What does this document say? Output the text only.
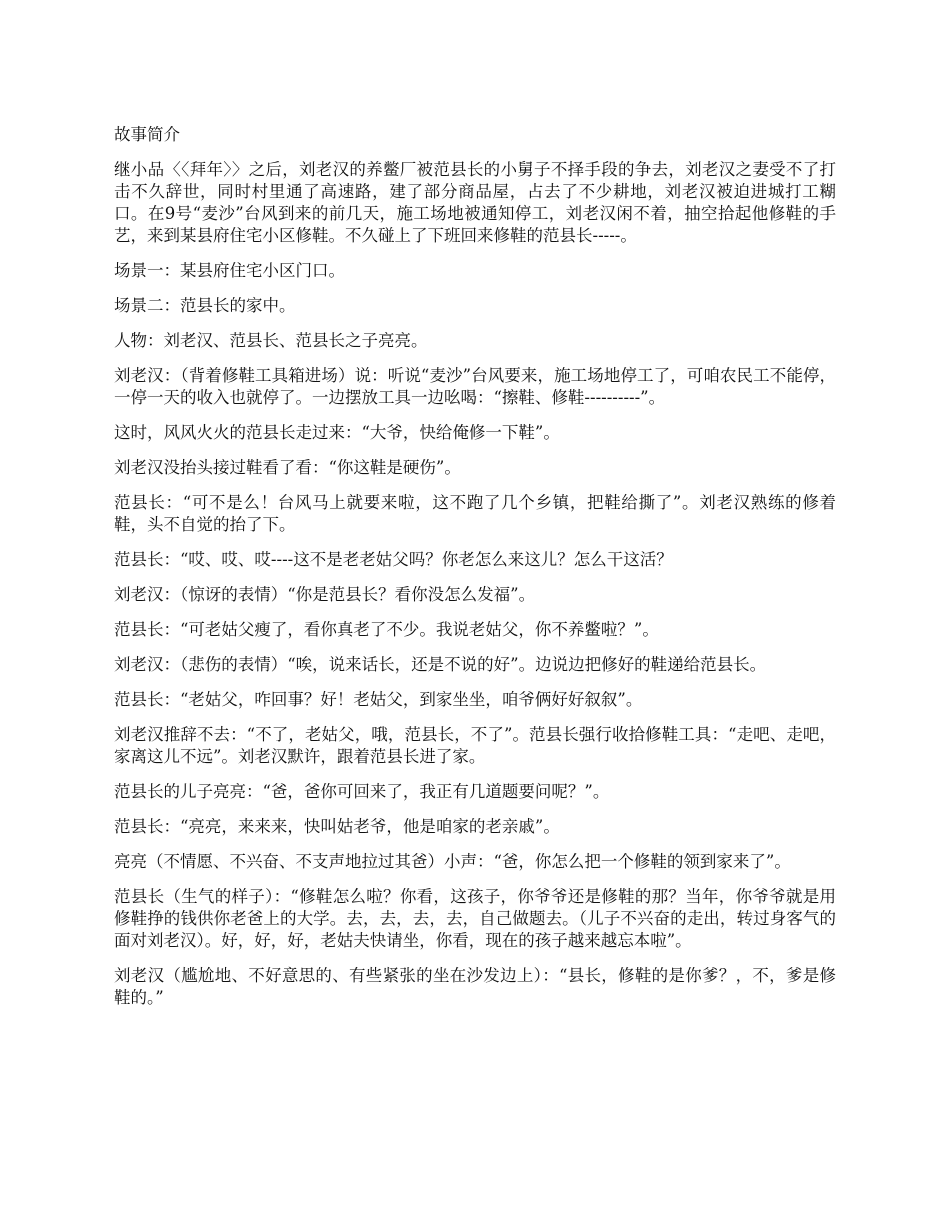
故事简介

继小品〈〈拜年〉〉之后，刘老汉的养鳖厂被范县长的小舅子不择手段的争去，刘老汉之妻受不了打击不久辞世，同时村里通了高速路，建了部分商品屋，占去了不少耕地，刘老汉被迫进城打工糊口。在9号“麦沙”台风到来的前几天，施工场地被通知停工，刘老汉闲不着，抽空拾起他修鞋的手艺，来到某县府住宅小区修鞋。不久碰上了下班回来修鞋的范县长-----。

场景一：某县府住宅小区门口。

场景二：范县长的家中。

人物：刘老汉、范县长、范县长之子亮亮。

刘老汉：（背着修鞋工具箱进场）说：听说“麦沙”台风要来，施工场地停工了，可咱农民工不能停，一停一天的收入也就停了。一边摆放工具一边吆喝：“擦鞋、修鞋----------”。

这时，风风火火的范县长走过来：“大爷，快给俺修一下鞋”。

刘老汉没抬头接过鞋看了看：“你这鞋是硬伤”。

范县长：“可不是么！台风马上就要来啦，这不跑了几个乡镇，把鞋给撕了”。刘老汉熟练的修着鞋，头不自觉的抬了下。

范县长：“哎、哎、哎----这不是老老姑父吗？你老怎么来这儿？怎么干这活？

刘老汉：（惊讶的表情）“你是范县长？看你没怎么发福”。

范县长：“可老姑父瘦了，看你真老了不少。我说老姑父，你不养鳖啦？”。

刘老汉：（悲伤的表情）“唉，说来话长，还是不说的好”。边说边把修好的鞋递给范县长。

范县长：“老姑父，咋回事？好！老姑父，到家坐坐，咱爷俩好好叙叙”。

刘老汉推辞不去：“不了，老姑父，哦，范县长，不了”。范县长强行收拾修鞋工具：“走吧、走吧，家离这儿不远”。刘老汉默许，跟着范县长进了家。

范县长的儿子亮亮：“爸，爸你可回来了，我正有几道题要问呢？”。

范县长：“亮亮，来来来，快叫姑老爷，他是咱家的老亲戚”。

亮亮（不情愿、不兴奋、不支声地拉过其爸）小声：“爸，你怎么把一个修鞋的领到家来了”。

范县长（生气的样子）：“修鞋怎么啦？你看，这孩子，你爷爷还是修鞋的那？当年，你爷爷就是用修鞋挣的钱供你老爸上的大学。去，去，去，去，自己做题去。（儿子不兴奋的走出，转过身客气的面对刘老汉）。好，好，好，老姑夫快请坐，你看，现在的孩子越来越忘本啦”。

刘老汉（尴尬地、不好意思的、有些紧张的坐在沙发边上）：“县长，修鞋的是你爹？，不，爹是修鞋的。”
